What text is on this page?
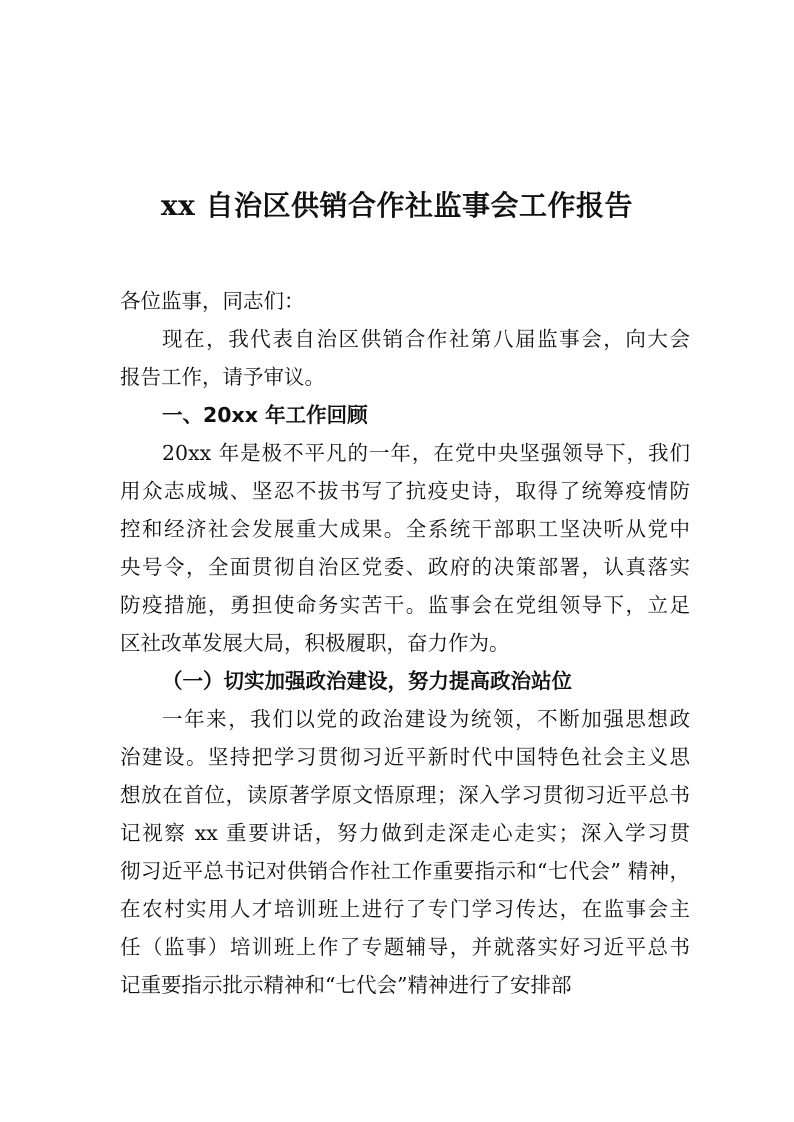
xx 自治区供销合作社监事会工作报告
各位监事，同志们：
现在，我代表自治区供销合作社第八届监事会，向大会
报告工作，请予审议。
一、20xx 年工作回顾
20xx 年是极不平凡的一年，在党中央坚强领导下，我们
用众志成城、坚忍不拔书写了抗疫史诗，取得了统筹疫情防
控和经济社会发展重大成果。全系统干部职工坚决听从党中
央号令，全面贯彻自治区党委、政府的决策部署，认真落实
防疫措施，勇担使命务实苦干。监事会在党组领导下，立足
区社改革发展大局，积极履职，奋力作为。
（一）切实加强政治建设，努力提高政治站位
一年来，我们以党的政治建设为统领，不断加强思想政
治建设。坚持把学习贯彻习近平新时代中国特色社会主义思
想放在首位，读原著学原文悟原理；深入学习贯彻习近平总书
记视察 xx 重要讲话，努力做到走深走心走实；深入学习贯
彻习近平总书记对供销合作社工作重要指示和“七代会” 精神，
在农村实用人才培训班上进行了专门学习传达，在监事会主
任（监事）培训班上作了专题辅导，并就落实好习近平总书
记重要指示批示精神和“七代会”精神进行了安排部
